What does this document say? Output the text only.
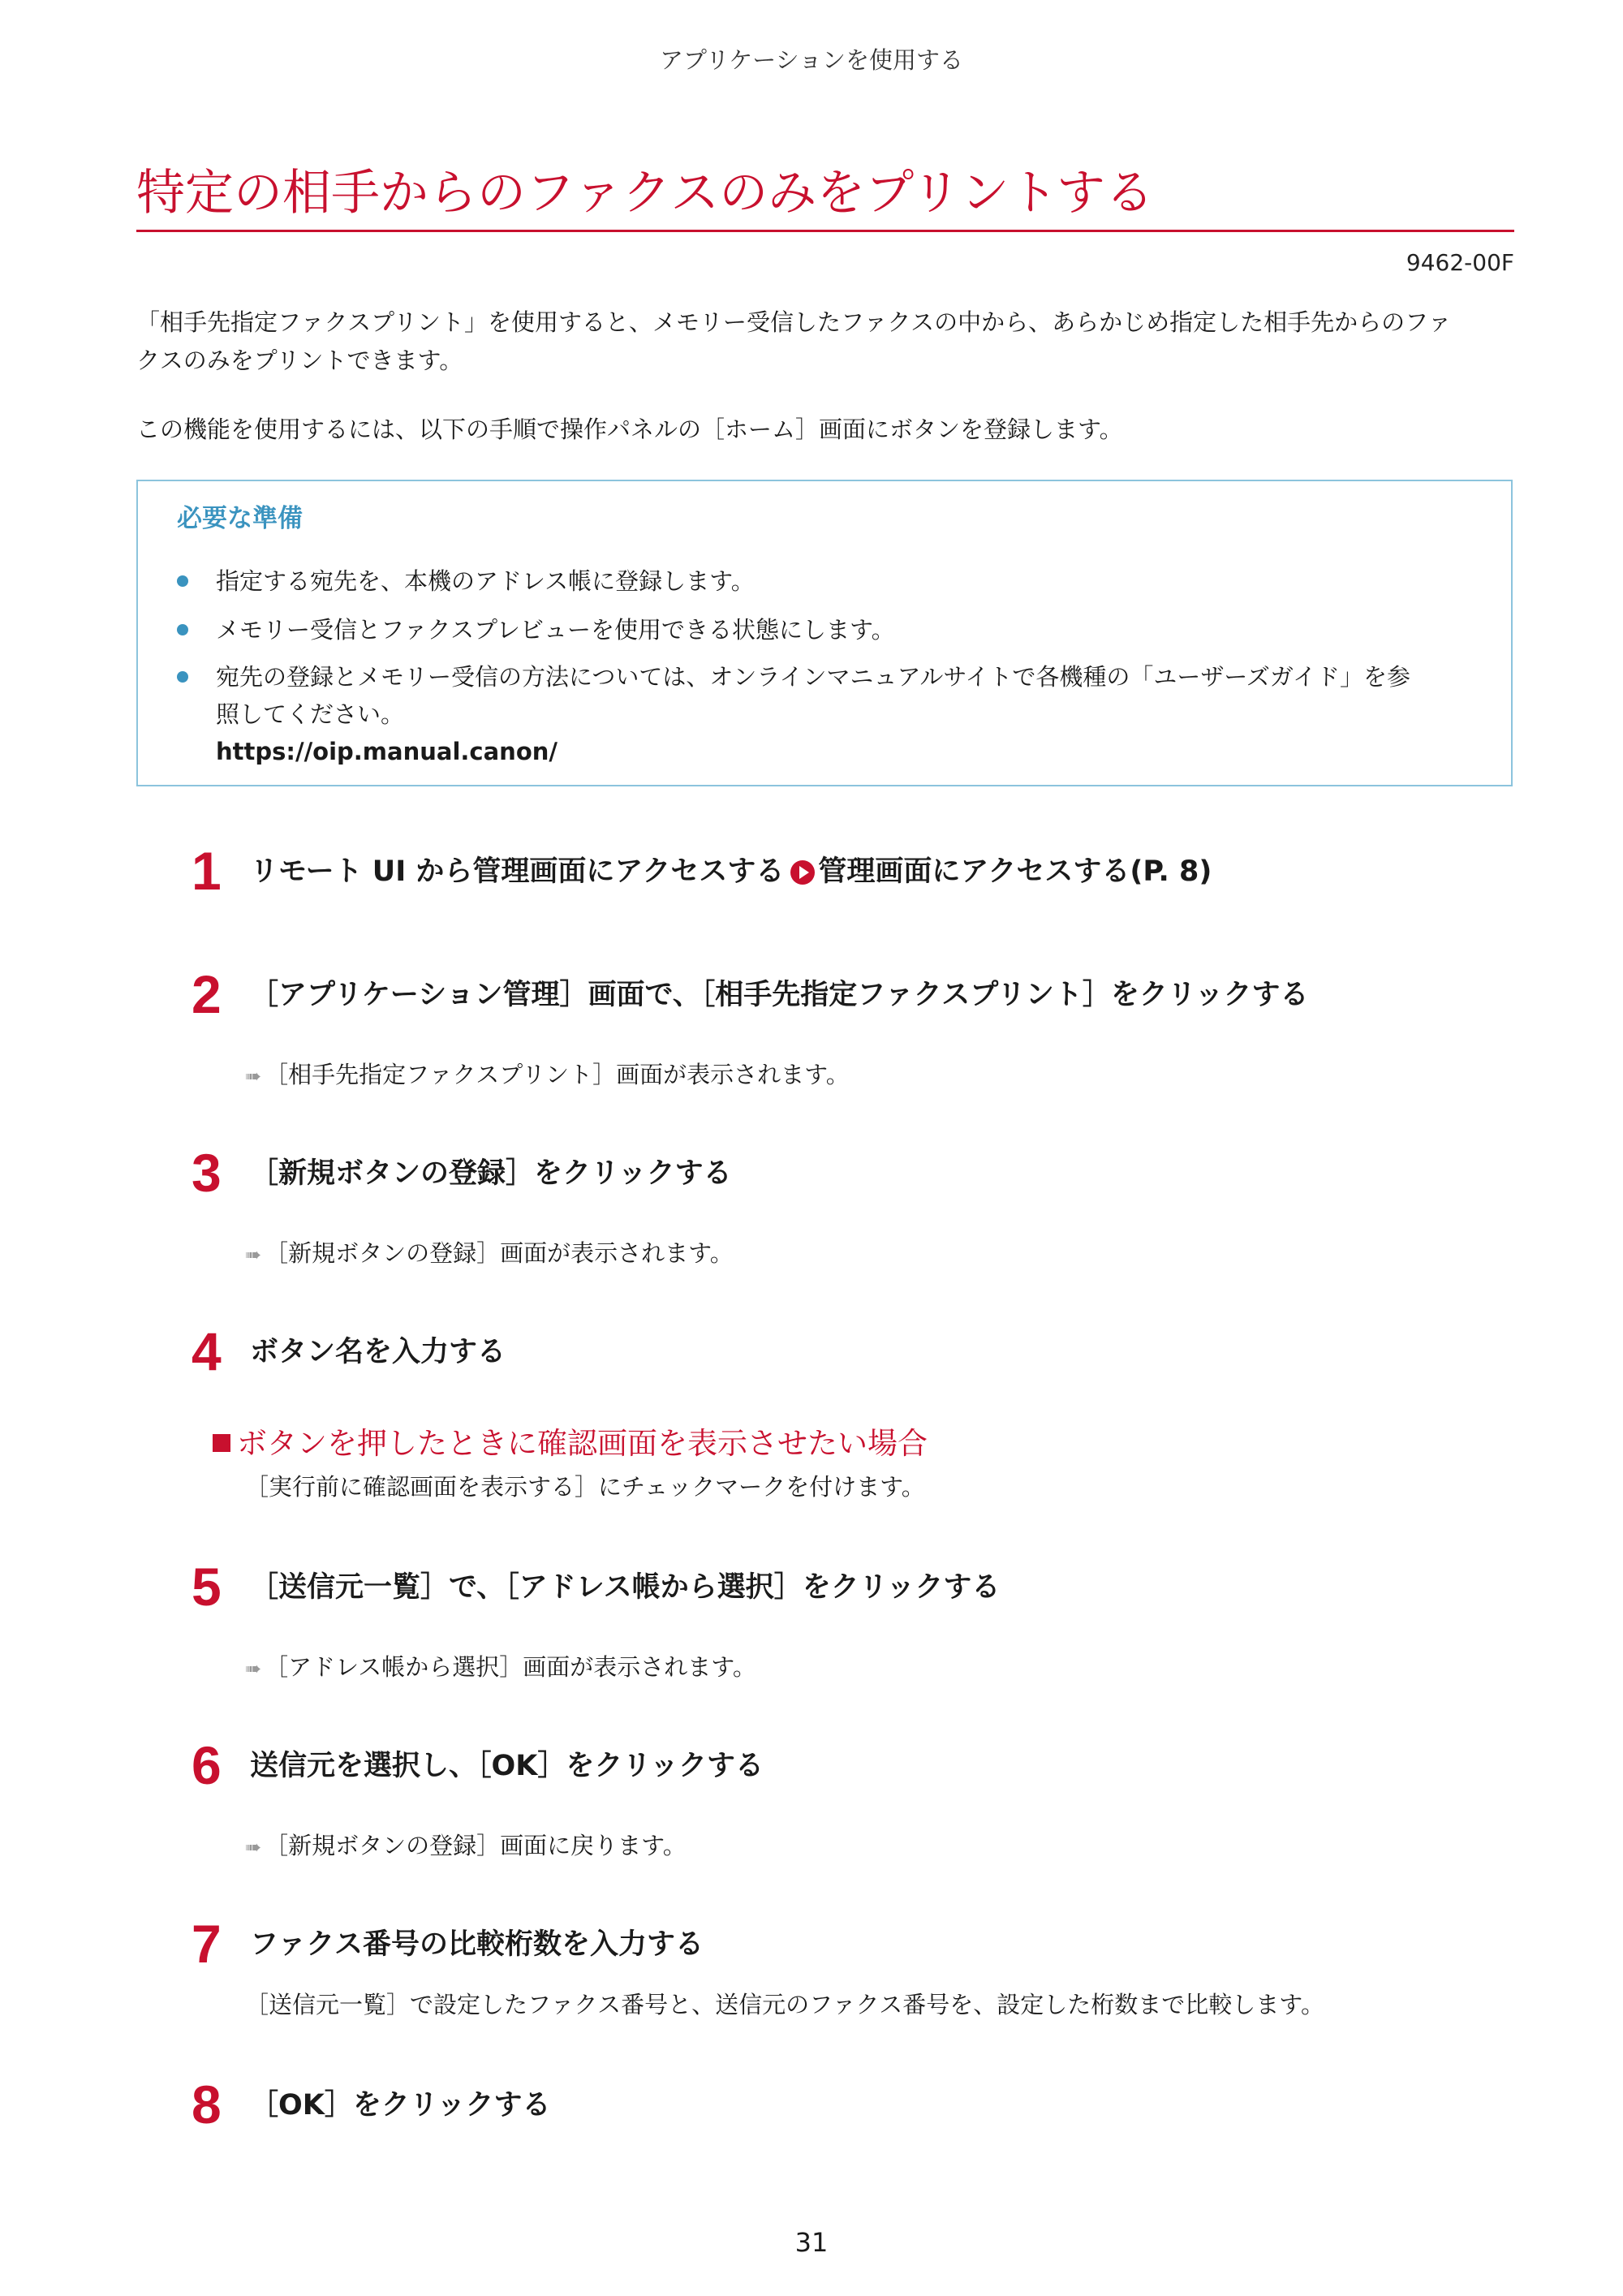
アプリケーションを使用する
特定の相手からのファクスのみをプリントする
9462-00F

「相手先指定ファクスプリント」を使用すると、メモリー受信したファクスの中から、あらかじめ指定した相手先からのファ
クスのみをプリントできます。

この機能を使用するには、以下の手順で操作パネルの［ホーム］画面にボタンを登録します。

必要な準備
指定する宛先を、本機のアドレス帳に登録します。
メモリー受信とファクスプレビューを使用できる状態にします。
宛先の登録とメモリー受信の方法については、オンラインマニュアルサイトで各機種の「ユーザーズガイド」を参
照してください。
https://oip.manual.canon/
1 リモート UI から管理画面にアクセスする 管理画面にアクセスする(P. 8)
2 ［アプリケーション管理］画面で、［相手先指定ファクスプリント］をクリックする
➠ ［相手先指定ファクスプリント］画面が表示されます。
3 ［新規ボタンの登録］をクリックする
➠ ［新規ボタンの登録］画面が表示されます。
4 ボタン名を入力する
ボタンを押したときに確認画面を表示させたい場合
［実行前に確認画面を表示する］にチェックマークを付けます。
5 ［送信元一覧］で、［アドレス帳から選択］をクリックする
➠ ［アドレス帳から選択］画面が表示されます。
6 送信元を選択し、［OK］をクリックする
➠ ［新規ボタンの登録］画面に戻ります。
7 ファクス番号の比較桁数を入力する
［送信元一覧］で設定したファクス番号と、送信元のファクス番号を、設定した桁数まで比較します。
8 ［OK］をクリックする
31
